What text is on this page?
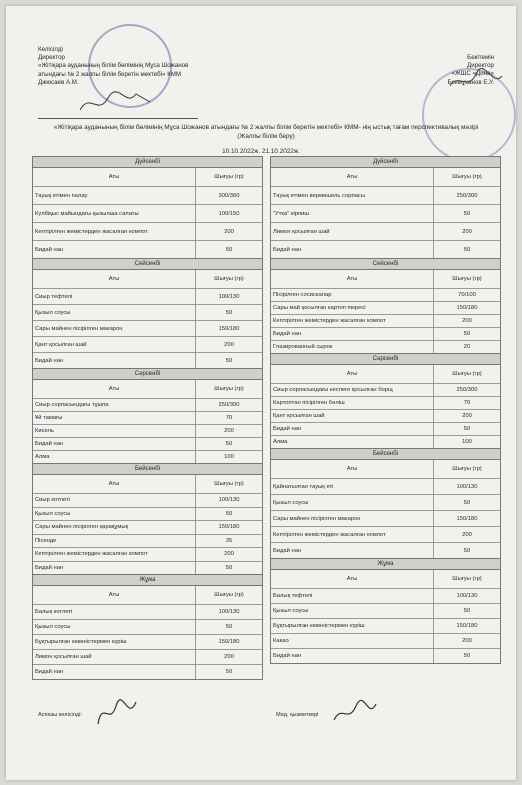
Келісілді
Директор
«Жітіқара ауданының білім бөлімінің Мұса Шожанов
атындағы № 2 жалпы білім беретін мектебі» КММ
Джюсаев А.М.
Бекітемін
Директор
«ЖШС «Дина»
Бекмұханов Е.У.
«Жітіқара ауданының білім бөлімінің Мұса Шожанов атындағы № 2 жалпы білім беретін мектебі» КММ- нің ыстық тағам перспективалық мәзірі (Жалпы білім беру)
10.10.2022ж. 21.10.2022ж.
Дүйсенбі
Аты	Шығуы (гр)
Тауық етімен палау	300/360
Күлбіқыс майындағы қызылша салаты	100/150
Кептірілген жемістерден жасалған компот	200
Бидай нан	50
Сейсенбі
Аты	Шығуы (гр)
Сиыр тефтелі	100/130
Қызыл соусы	50
Сары майнен пісірілген макарон	150/180
Қант қосылған шай	200
Бидай нан	50
Сәрсенбі
Аты	Шығуы (гр)
Сиыр сорпасындағы тұшпа	250/300
Ұй тамағы	70
Кисель	200
Бидай нан	50
Алма	100
Бейсенбі
Аты	Шығуы (гр)
Сиыр котлеті	100/130
Қызыл соусы	50
Сары майнен пісірілген қарақұмық	150/180
Пісенде	35
Кептірілген жемістерден жасалған компот	200
Бидай нан	50
Жұма
Аты	Шығуы (гр)
Балық котлеті	100/130
Қызыл соусы	50
Бұқтырылған көкөністермен күріш	150/180
Лимон қосылған шай	200
Бидай нан	50
Дүйсенбі
Аты	Шығуы (гр)
Тауық етімен вермишель сорпасы	250/300
"Утка" кірпиш	50
Лимон қосылған шай	200
Бидай нан	50
Сейсенбі
Аты	Шығуы (гр)
Пісірілген сосискалар	70/100
Сары май қосылған картоп пюресі	150/180
Кептірілген жемістерден жасалған компот	200
Бидай нан	50
Глазированный сырок	20
Сәрсенбі
Аты	Шығуы (гр)
Сиыр сорпасындағы кеспеге қосылған борщ	250/300
Картоптан пісірілген бәліш	70
Қант қосылған шай	200
Бидай нан	50
Алма	100
Бейсенбі
Аты	Шығуы (гр)
Қайнатылған тауық еті	100/130
Қызыл соусы	50
Сары майнен пісірілген макарон	150/180
Кептірілген жемістерден жасалған компот	200
Бидай нан	50
Жұма
Аты	Шығуы (гр)
Балық тефтелі	100/130
Қызыл соусы	50
Бұқтырылған көкөністермен күріш	150/180
Какао	200
Бидай нан	50
Аспазы келісілді:	Мед. қызметкері
